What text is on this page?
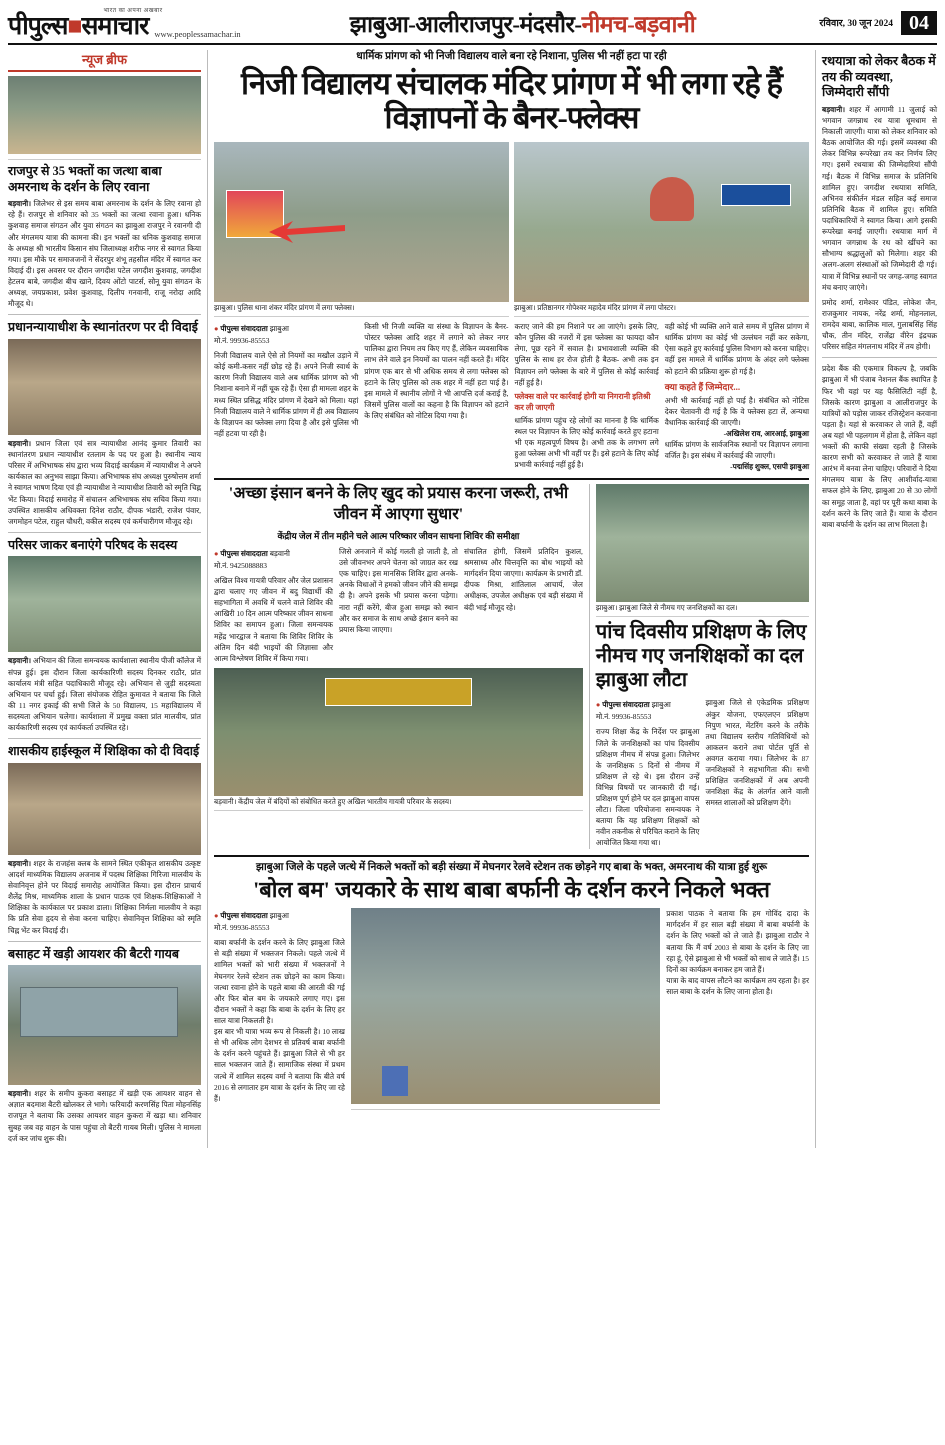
भारत का अपना अखबार
पीपुल्स■समाचार www.peoplessamachar.in	झाबुआ-आलीराजपुर-मंदसौर-नीमच-बड़वानी	रविवार, 30 जून 2024 04
न्यूज ब्रीफ
राजपुर से 35 भक्तों का जत्था बाबा अमरनाथ के दर्शन के लिए रवाना

बड़वानी। जिलेभर से इस समय बाबा अमरनाथ के दर्शन के लिए रवाना हो रहे हैं। राजपुर से शनिवार को 35 भक्तों का जत्था रवाना हुआ। धनिक कुशवाह समाज संगठन और युवा संगठन का झाबुआ राजपुर ने रवानगी दी और मंगलमय यात्रा की कामना की। इन भक्तों का धनिक कुशवाह समाज के अध्यक्ष श्री भारतीय किसान संघ जिलाध्यक्ष शरीफ नगर से स्वागत किया गया। इस मौके पर समाजजनों ने सेंदरपुर शंभू तहसील मंदिर में स्वागत कर विदाई दी। इस अवसर पर दौरान जगदीश पटेल जगदीश कुशवाह, जगदीश हेटलव बाबे, जगदीश बीच खाने, दिवय ओंटो पाटर्स, सोनू युवा संगठन के अध्यक्ष, जयप्रकाश, प्रवेश कुशवाह, दिलीप गनवानी, राजू नरोदा आदि मौजूद थे।

प्रधानन्यायाधीश के स्थानांतरण पर दी विदाई

बड़वानी। प्रधान जिला एवं सत्र न्यायाधीश आनंद कुमार तिवारी का स्थानांतरण प्रधान न्यायाधीश रतलाम के पद पर हुआ है। स्थानीय न्याय परिसर में अभिभाषक संघ द्वारा भव्य विदाई कार्यक्रम में न्यायाधीश ने अपने कार्यकाल का अनुभव साझा किया। अभिभाषक संघ अध्यक्ष पुरुषोत्तम शर्मा ने स्वागत भाषण दिया एवं ही न्यायाधीश ने न्यायाधीश तिवारी को स्मृति चिह्न भेंट किया। विदाई समारोह में संचालन अभिभाषक संघ सचिव किया गया। उपस्थित शासकीय अधिवक्ता दिनेश राठौर, दीपक भंडारी, राजेश पंवार, जगमोहन पटेल, राहुल चौधरी, वकील सदस्य एवं कर्मचारीगण मौजूद रहे।

परिसर जाकर बनाएंगे परिषद के सदस्य

बड़वानी। अभियान की जिला समन्वयक कार्यशाला स्थानीय पीजी कॉलेज में संपन्न हुई। इस दौरान जिला कार्यकारिणी सदस्य दिनकर राठौर, प्रांत कार्यालय मंत्री सहित पदाधिकारी मौजूद रहे। अभियान से जुड़ी सदस्यता अभियान पर चर्चा हुई। जिला संयोजक रोहित कुमावत ने बताया कि जिले की 11 नगर इकाई की सभी जिले के 50 विद्यालय, 15 महाविद्यालय में सदस्यता अभियान चलेगा। कार्यशाला में प्रमुख वक्ता प्रांत मालवीय, प्रांत कार्यकारिणी सदस्य एवं कार्यकर्ता उपस्थित रहे।

शासकीय हाईस्कूल में शिक्षिका को दी विदाई

बड़वानी। शहर के राजहंस क्लब के सामने स्थित एकीकृत शासकीय उत्कृष्ट आदर्श माध्यमिक विद्यालय अजनाब में पदस्थ शिक्षिका गिरिजा मालवीय के सेवानिवृत्त होने पर विदाई समारोह आयोजित किया। इस दौरान प्राचार्य शैलेंद्र मिश्र, माध्यमिक शाला के प्रधान पाठक एवं शिक्षक-शिक्षिकाओं ने शिक्षिका के कार्यकाल पर प्रकाश डाला। शिक्षिका निर्मला मालवीय ने कहा कि प्रति सेवा हृदय से सेवा करना चाहिए। सेवानिवृत्त शिक्षिका को स्मृति चिह्न भेंट कर विदाई दी।

बसाहट में खड़ी आयशर की बैटरी गायब

बड़वानी। शहर के समीप कुकरा बसाहट में खड़ी एक आयशर वाहन से अज्ञात बदमाश बैटरी खोलकर ले भागे। फरियादी करणसिंह पिता मोहनसिंह राजपूत ने बताया कि उसका आयशर वाहन कुकरा में खड़ा था। शनिवार सुबह जब वह वाहन के पास पहुंचा तो बैटरी गायब मिली। पुलिस ने मामला दर्ज कर जांच शुरू की।

धार्मिक प्रांगण को भी निजी विद्यालय वाले बना रहे निशाना, पुलिस भी नहीं हटा पा रही
निजी विद्यालय संचालक मंदिर प्रांगण में भी लगा रहे हैं विज्ञापनों के बैनर-फ्लेक्स
झाबुआ। पुलिस थाना शंकर मंदिर प्रांगण में लगा फ्लेक्स।	झाबुआ। प्रतिष्ठानगर गोपेश्वर महादेव मंदिर प्रांगण में लगा पोस्टर।
● पीपुल्स संवाददाता झाबुआ
मो.नं. 99936-85553
निजी विद्यालय वाले ऐसे तो नियमों का मखौल उड़ाने में कोई कमी-कसर नहीं छोड़ रहे हैं। अपने निजी स्वार्थ के कारण निजी विद्यालय वाले अब धार्मिक प्रांगण को भी निशाना बनाने में नहीं चूक रहे हैं। ऐसा ही मामला शहर के मध्य स्थित प्रसिद्ध मंदिर प्रांगण में देखने को मिला। यहां निजी विद्यालय वाले ने धार्मिक प्रांगण में ही अब विद्यालय के विज्ञापन का फ्लेक्स लगा दिया है और इसे पुलिस भी नहीं हटवा पा रही है।
किसी भी निजी व्यक्ति या संस्था के विज्ञापन के बैनर-पोस्टर फ्लेक्स आदि शहर में लगाने को लेकर नगर पालिका द्वारा नियम तय किए गए हैं, लेकिन व्यवसायिक लाभ लेने वाले इन नियमों का पालन नहीं करते हैं। मंदिर प्रांगण एक बार से भी अधिक समय से लगा फ्लेक्स को हटाने के लिए पुलिस को तक शहर में नहीं हटा पाई है। इस मामले में स्थानीय लोगों ने भी आपत्ति दर्ज कराई है, जिसमें पुलिस वालों का कहना है कि विज्ञापन को हटाने के लिए संबंधित को नोटिस दिया गया है।
कराए जाने की हम निशाने पर आ जाएंगे। इसके लिए, कौन पुलिस की नजरों में इस फ्लेक्स का फायदा कौन लेगा, पूछ रहने में सवाल है। प्रभावशाली व्यक्ति की पुलिस के साथ हर रोज होती है बैठक- अभी तक इन विज्ञापन लगे फ्लेक्स के बारे में पुलिस से कोई कार्रवाई नहीं हुई है।
फ्लेक्स वाले पर कार्रवाई होगी या निगरानी इतिश्री कर ली जाएगी
धार्मिक प्रांगण पहुंच रहे लोगों का मानना है कि धार्मिक स्थल पर विज्ञापन के लिए कोई कार्रवाई करते हुए हटाना भी एक महत्वपूर्ण विषय है। अभी तक के लगभग लगे हुआ फ्लेक्स अभी भी वहीं पर हैं। इसे हटाने के लिए कोई प्रभावी कार्रवाई नहीं हुई है।
वही कोई भी व्यक्ति आने वाले समय में पुलिस प्रांगण में धार्मिक प्रांगण का कोई भी उल्लंघन नहीं कर सकेगा, ऐसा कहते हुए कार्रवाई पुलिस विभाग को करना चाहिए। वहीं इस मामले में धार्मिक प्रांगण के अंदर लगे फ्लेक्स को हटाने की प्रक्रिया शुरू हो गई है।
क्या कहते हैं जिम्मेदार...
अभी भी कार्रवाई नहीं हो पाई है। संबंधित को नोटिस देकर चेतावनी दी गई है कि वे फ्लेक्स हटा लें, अन्यथा वैधानिक कार्रवाई की जाएगी।
-अखिलेश राव, आरआई, झाबुआ
धार्मिक प्रांगण के सार्वजनिक स्थानों पर विज्ञापन लगाना वर्जित है। इस संबंध में कार्रवाई की जाएगी।
-पद्मसिंह शुक्ल, एसपी झाबुआ
'अच्छा इंसान बनने के लिए खुद को प्रयास करना जरूरी, तभी जीवन में आएगा सुधार'
केंद्रीय जेल में तीन महीने चले आत्म परिष्कार जीवन साधना शिविर की समीक्षा
● पीपुल्स संवाददाता बड़वानी
मो.नं. 9425088883
अखिल विश्व गायत्री परिवार और जेल प्रशासन द्वारा चलाए गए जीवन में बदु विद्यार्थी की सहभागिता में अवधि में चलने वाले शिविर की आखिरी 10 दिन आत्म परिष्कार जीवन साधना शिविर का समापन हुआ। जिला समन्वयक महेंद्र भारद्वाज ने बताया कि शिविर शिविर के अंतिम दिन बंदी भाइयों की जिज्ञासा और आत्म विश्लेषण शिविर में किया गया।
जिसे अनजाने में कोई गलती हो जाती है, तो उसे जीवनभर अपने चेतना को जाग्रत कर रख एक चाहिए। इस मानसिक शिविर द्वारा अनके-अनके विधाओं ने हमको जीवन जीने की समझ दी है। अपने इसके भी प्रयास करना पड़ेगा। नारा नहीं करेंगे, बीज हुआ समझ को स्थान और कर समाज के साथ अच्छे इंसान बनने का प्रयास किया जाएगा।
संचालित होगी, जिसमें प्रतिदिन कुशल, श्रमसाध्य और चित्तवृत्ति का बोध भाइयों को मार्गदर्शन दिया जाएगा। कार्यक्रम के प्रभारी डॉ. दीपक मिश्रा, शांतिलाल आचार्य, जेल अधीक्षक, उपजेल अधीक्षक एवं बड़ी संख्या में बंदी भाई मौजूद रहे।
बड़वानी। केंद्रीय जेल में बंदियों को संबोधित करते हुए अखिल भारतीय गायत्री परिवार के सदस्य।
झाबुआ। झाबुआ जिले से नीमच गए जनशिक्षकों का दल।
पांच दिवसीय प्रशिक्षण के लिए नीमच गए जनशिक्षकों का दल झाबुआ लौटा
● पीपुल्स संवाददाता झाबुआ
मो.नं. 99936-85553
राज्य शिक्षा केंद्र के निर्देश पर झाबुआ जिले के जनशिक्षकों का पांच दिवसीय प्रशिक्षण नीमच में संपन्न हुआ। जिलेभर के जनशिक्षक 5 दिनों से नीमच में प्रशिक्षण ले रहे थे। इस दौरान उन्हें विभिन्न विषयों पर जानकारी दी गई। प्रशिक्षण पूर्ण होने पर दल झाबुआ वापस लौटा। जिला परियोजना समन्वयक ने बताया कि यह प्रशिक्षण शिक्षकों को नवीन तकनीक से परिचित कराने के लिए आयोजित किया गया था।
झाबुआ जिले से एकेडमिक प्रशिक्षण अंकुर योजना, एफएलएन प्रशिक्षण निपुण भारत, मेंटरिंग करने के तरीके तथा विद्यालय स्तरीय गतिविधियों को आकलन कराने तथा पोर्टल पूर्ति से अवगत कराया गया। जिलेभर के 87 जनशिक्षकों ने सहभागिता की। सभी प्रशिक्षित जनशिक्षकों में अब अपनी जनशिक्षा केंद्र के अंतर्गत आने वाली समस्त शालाओं को प्रशिक्षण देंगे।
झाबुआ जिले के पहले जत्थे में निकले भक्तों को बड़ी संख्या में मेघनगर रेलवे स्टेशन तक छोड़ने गए बाबा के भक्त, अमरनाथ की यात्रा हुई शुरू
'बोल बम' जयकारे के साथ बाबा बर्फानी के दर्शन करने निकले भक्त
● पीपुल्स संवाददाता झाबुआ
मो.नं. 99936-85553
बाबा बर्फानी के दर्शन करने के लिए झाबुआ जिले से बड़ी संख्या में भक्तजन निकले। पहले जत्थे में शामिल भक्तों को भारी संख्या में भक्तजनों ने मेघनगर रेलवे स्टेशन तक छोड़ने का काम किया। जत्था रवाना होने के पहले बाबा की आरती की गई और फिर बोल बम के जयकारे लगाए गए। इस दौरान भक्तों ने कहा कि बाबा के दर्शन के लिए हर साल यात्रा निकलती है।
इस बार भी यात्रा भव्य रूप से निकली है। 10 लाख से भी अधिक लोग देशभर से प्रतिवर्ष बाबा बर्फानी के दर्शन करने पहुंचते हैं। झाबुआ जिले से भी हर साल भक्तजन जाते हैं। सामाजिक संस्था में प्रथम जत्थे में शामिल सदस्य वर्मा ने बताया कि बीते वर्ष 2016 से लगातार हम यात्रा के दर्शन के लिए जा रहे हैं।
प्रकाश पाठक ने बताया कि हम गोविंद दादा के मार्गदर्शन में हर साल बड़ी संख्या में बाबा बर्फानी के दर्शन के लिए भक्तों को ले जाते हैं। झाबुआ राठौर ने बताया कि मैं वर्ष 2003 से बाबा के दर्शन के लिए जा रहा हूं, ऐसे झाबुआ से भी भक्तों को साथ ले जाते हैं। 15 दिनों का कार्यक्रम बनाकर हम जाते हैं।
यात्रा के बाद वापस लौटने का कार्यक्रम तय रहता है। हर साल बाबा के दर्शन के लिए जाना होता है।
रथयात्रा को लेकर बैठक में तय की व्यवस्था, जिम्मेदारी सौंपी

बड़वानी। शहर में आगामी 11 जुलाई को भगवान जगन्नाथ रथ यात्रा धूमधाम से निकाली जाएगी। यात्रा को लेकर शनिवार को बैठक आयोजित की गई। इसमें व्यवस्था की लेकर विभिन्न रूपरेखा तय कर निर्णय लिए गए। इसमें रथयात्रा की जिम्मेदारियां सौंपी गई। बैठक में विभिन्न समाज के प्रतिनिधि शामिल हुए। जगदीश रथयात्रा समिति, अभिनव संकीर्तन मंडल सहित कई समाज प्रतिनिधि बैठक में शामिल हुए। समिति पदाधिकारियों ने स्वागत किया। आगे इसकी रूपरेखा बनाई जाएगी। रथयात्रा मार्ग में भगवान जगन्नाथ के रथ को खींचने का सौभाग्य श्रद्धालुओं को मिलेगा। शहर की अलग-अलग संस्थाओं को जिम्मेदारी दी गई। यात्रा में विभिन्न स्थानों पर जगह-जगह स्वागत मंच बनाए जाएंगे।

प्रमोद शर्मा, रामेश्वर पंडित, लोकेश जैन, राजकुमार नायक, नरेंद्र शर्मा, मोहनलाल, रामदेव बाबा, कालिक माल, गुलाबसिंह सिंह चौक, तीन मंदिर, राजेंद्रा वीरेन इंद्रचक्र परिसर सहित मंगलनाथ मंदिर में तय होगी।

प्रदेश बैंक की एकमात्र विकल्प है, जबकि झाबुआ में भी पंजाब नेशनल बैंक स्थापित है फिर भी यहां पर यह फैसिलिटी नहीं है, जिसके कारण झाबुआ व आलीराजपुर के यात्रियों को पड़ोस जाकर रजिस्ट्रेशन करवाना पड़ता है। यहां से करवाकर ले जाते हैं, वहीं अब यहां भी पहलगाम में होता है, लेकिन वहां भक्तों की काफी संख्या रहती है जिसके कारण सभी को करवाकर ले जाते हैं यात्रा आरंभ में बनवा लेना चाहिए। परिवारों ने दिया मंगलमय यात्रा के लिए आशीर्वाद-यात्रा सफल होने के लिए, झाबुआ 20 से 30 लोगों का समूह जाता है, वहां पर पूरी कथा बाबा के दर्शन करने के लिए जाते हैं। यात्रा के दौरान बाबा बर्फानी के दर्शन का लाभ मिलता है।
